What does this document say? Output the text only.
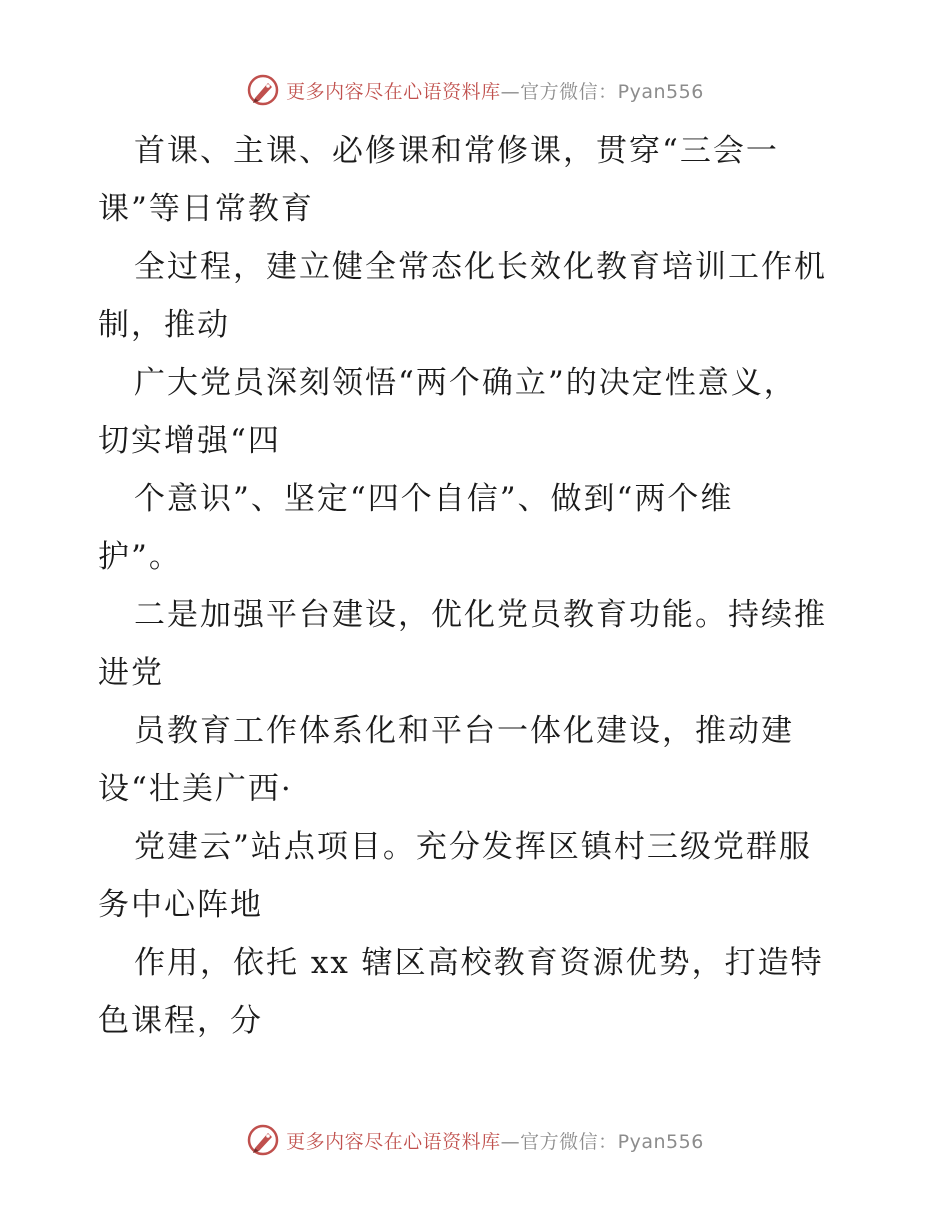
更多内容尽在心语资料库—官方微信：Pyan556

首课、主课、必修课和常修课，贯穿“三会一

课”等日常教育

全过程，建立健全常态化长效化教育培训工作机

制，推动

广大党员深刻领悟“两个确立”的决定性意义，

切实增强“四

个意识”、坚定“四个自信”、做到“两个维

护”。

二是加强平台建设，优化党员教育功能。持续推

进党

员教育工作体系化和平台一体化建设，推动建

设“壮美广西·

党建云”站点项目。充分发挥区镇村三级党群服

务中心阵地

作用，依托 xx 辖区高校教育资源优势，打造特

色课程，分

更多内容尽在心语资料库—官方微信：Pyan556
